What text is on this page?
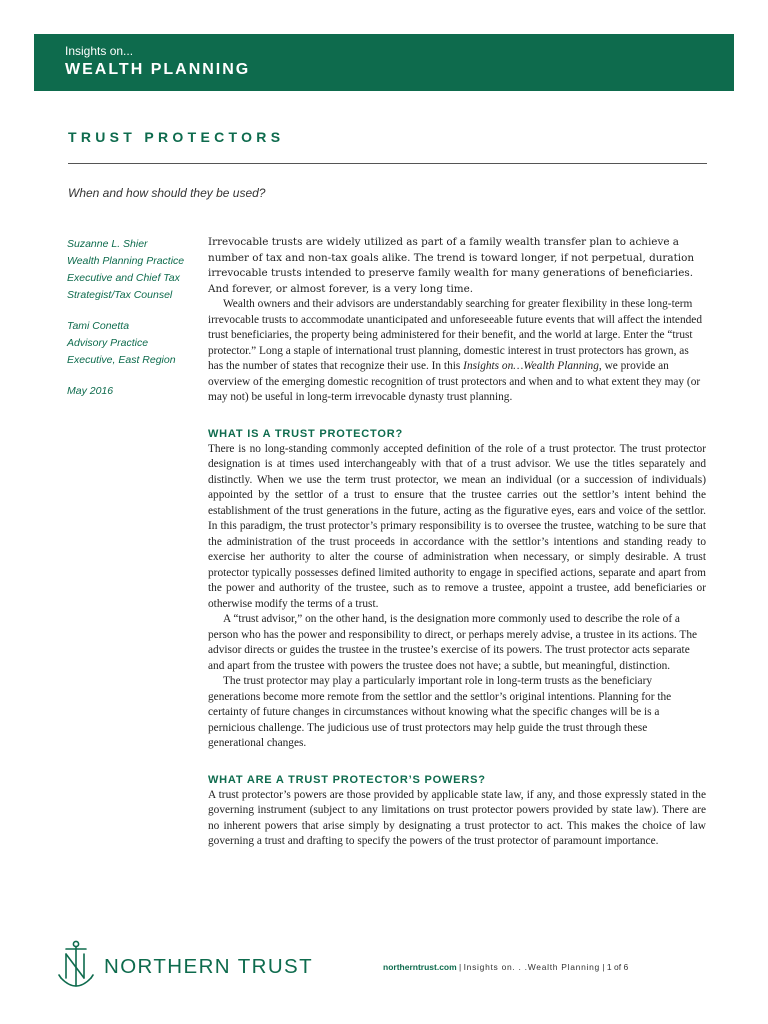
Insights on...
WEALTH PLANNING
TRUST PROTECTORS
When and how should they be used?

Suzanne L. Shier

Wealth Planning Practice

Executive and Chief Tax

Strategist/Tax Counsel

Tami Conetta

Advisory Practice

Executive, East Region

May 2016

Irrevocable trusts are widely utilized as part of a family wealth transfer plan to achieve a number of tax and non-tax goals alike. The trend is toward longer, if not perpetual, duration irrevocable trusts intended to preserve family wealth for many generations of beneficiaries. And forever, or almost forever, is a very long time.

Wealth owners and their advisors are understandably searching for greater flexibility in these long-term irrevocable trusts to accommodate unanticipated and unforeseeable future events that will affect the intended trust beneficiaries, the property being administered for their benefit, and the world at large. Enter the “trust protector.” Long a staple of international trust planning, domestic interest in trust protectors has grown, as has the number of states that recognize their use. In this Insights on…Wealth Planning, we provide an overview of the emerging domestic recognition of trust protectors and when and to what extent they may (or may not) be useful in long-term irrevocable dynasty trust planning.

WHAT IS A TRUST PROTECTOR?

There is no long-standing commonly accepted definition of the role of a trust protector. The trust protector designation is at times used interchangeably with that of a trust advisor. We use the titles separately and distinctly. When we use the term trust protector, we mean an individual (or a succession of individuals) appointed by the settlor of a trust to ensure that the trustee carries out the settlor’s intent behind the establishment of the trust generations in the future, acting as the figurative eyes, ears and voice of the settlor. In this paradigm, the trust protector’s primary responsibility is to oversee the trustee, watching to be sure that the administration of the trust proceeds in accordance with the settlor’s intentions and standing ready to exercise her authority to alter the course of administration when necessary, or simply desirable. A trust protector typically possesses defined limited authority to engage in specified actions, separate and apart from the power and authority of the trustee, such as to remove a trustee, appoint a trustee, add beneficiaries or otherwise modify the terms of a trust.

A “trust advisor,” on the other hand, is the designation more commonly used to describe the role of a person who has the power and responsibility to direct, or perhaps merely advise, a trustee in its actions. The advisor directs or guides the trustee in the trustee’s exercise of its powers. The trust protector acts separate and apart from the trustee with powers the trustee does not have; a subtle, but meaningful, distinction.

The trust protector may play a particularly important role in long-term trusts as the beneficiary generations become more remote from the settlor and the settlor’s original intentions. Planning for the certainty of future changes in circumstances without knowing what the specific changes will be is a pernicious challenge. The judicious use of trust protectors may help guide the trust through these generational changes.

WHAT ARE A TRUST PROTECTOR’S POWERS?

A trust protector’s powers are those provided by applicable state law, if any, and those expressly stated in the governing instrument (subject to any limitations on trust protector powers provided by state law). There are no inherent powers that arise simply by designating a trust protector to act. This makes the choice of law governing a trust and drafting to specify the powers of the trust protector of paramount importance.

NORTHERN TRUST	northerntrust.com | Insights on. . .Wealth Planning | 1 of 6
